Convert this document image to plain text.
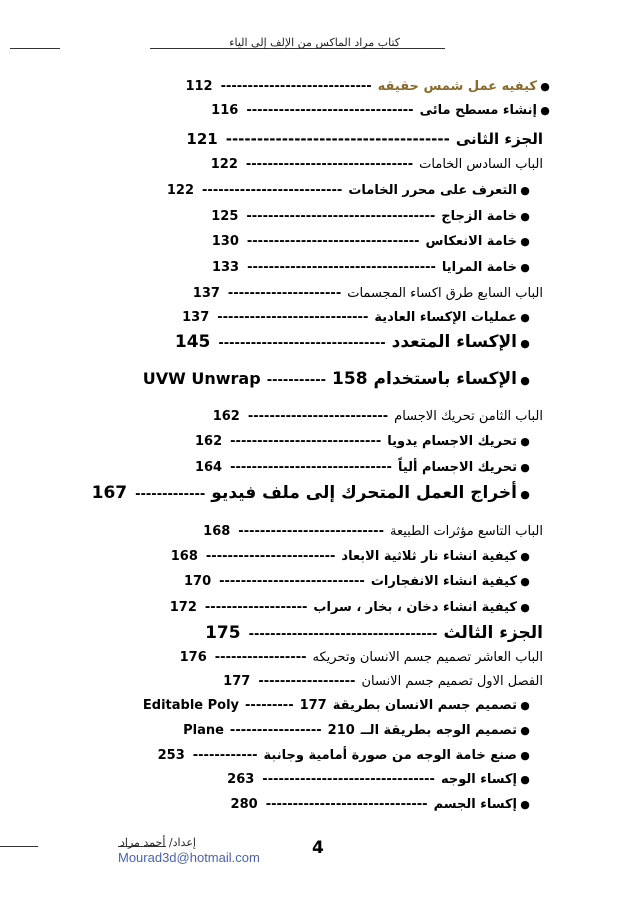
كتاب مراد الماكس من الإلف إلى الياء
●كيفيه عمل شمس حقيقه----------------------------112
●إنشاء مسطح مائى-------------------------------116
الجزء الثانى------------------------------------121
الباب السادس الخامات-------------------------------122
●التعرف على محرر الخامات--------------------------122
●خامة الزجاج-----------------------------------125
●خامة الانعكاس--------------------------------130
●خامة المرايا-----------------------------------133
الباب السابع طرق اكساء المجسمات---------------------137
●عمليات الإكساء العادية----------------------------137
●الإكساء المتعدد-------------------------------145
●الإكساء باستخدام158-----------UVW Unwrap
الباب الثامن تحريك الاجسام--------------------------162
●تحريك الاجسام يدويا----------------------------162
●تحريك الاجسام ألياً------------------------------164
●أخراج العمل المتحرك إلى ملف فيديو-------------167
الباب التاسع مؤثرات الطبيعة---------------------------168
●كيفية انشاء نار ثلاثية الابعاد------------------------168
●كيفية انشاء الانفجارات---------------------------170
●كيفية انشاء دخان ، بخار ، سراب-------------------172
الجزء الثالث-----------------------------------175
الباب العاشر تصميم جسم الانسان وتحريكه-----------------176
الفصل الاول تصميم جسم الانسان------------------177
●تصميم جسم الانسان بطريقة177---------Editable Poly
●تصميم الوجه بطريقة الــ210-----------------Plane
●صنع خامة الوجه من صورة أمامية وجانبة------------253
●إكساء الوجه--------------------------------263
●إكساء الجسم------------------------------280
إعداد/ أحمد مراد	4
Mourad3d@hotmail.com
